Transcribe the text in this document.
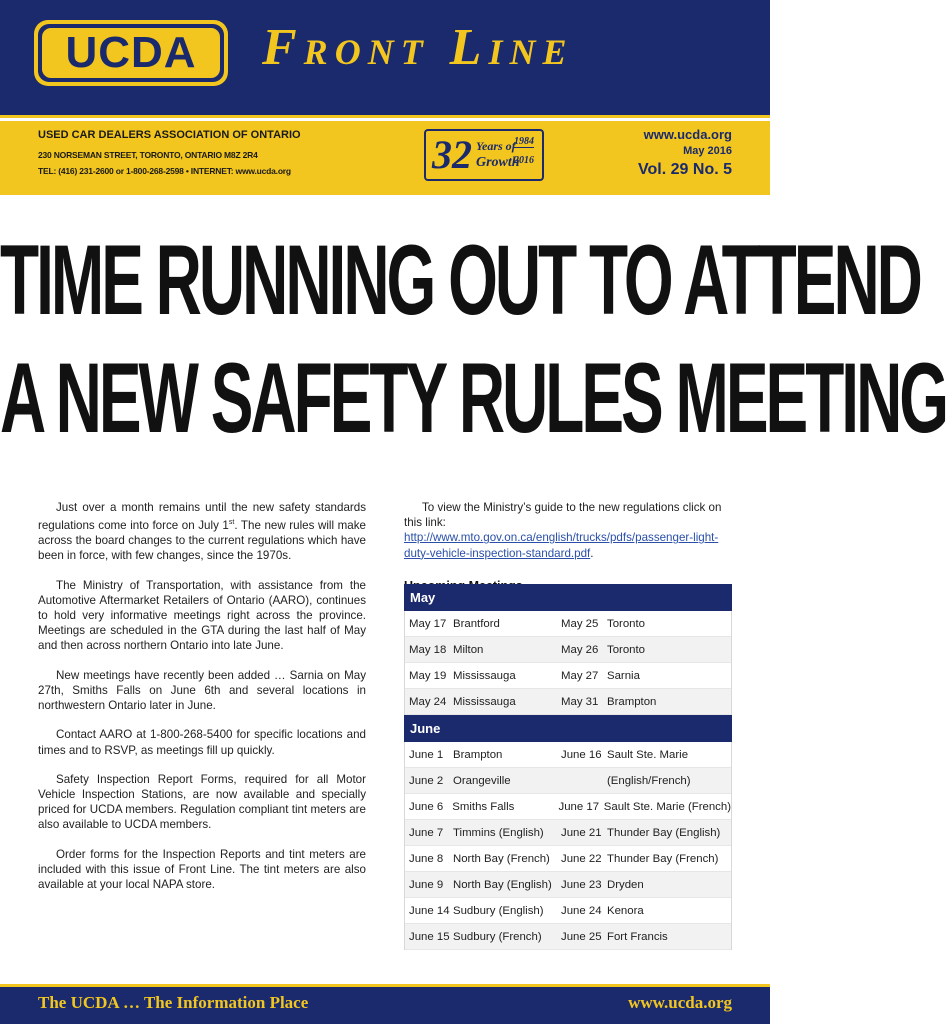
UCDA Front Line
USED CAR DEALERS ASSOCIATION OF ONTARIO
230 NORSEMAN STREET, TORONTO, ONTARIO M8Z 2R4
TEL: (416) 231-2600 or 1-800-268-2598 • INTERNET: www.ucda.org	32 Years of
Growth
1984
2016
www.ucda.org
May 2016
Vol. 29 No. 5
TIME RUNNING OUT TO ATTEND
A NEW SAFETY RULES MEETING

Just over a month remains until the new safety standards regulations come into force on July 1st. The new rules will make across the board changes to the current regulations which have been in force, with few changes, since the 1970s.

The Ministry of Transportation, with assistance from the Automotive Aftermarket Retailers of Ontario (AARO), continues to hold very informative meetings right across the province. Meetings are scheduled in the GTA during the last half of May and then across northern Ontario into late June.

New meetings have recently been added … Sarnia on May 27th, Smiths Falls on June 6th and several locations in northwestern Ontario later in June.

Contact AARO at 1-800-268-5400 for specific locations and times and to RSVP, as meetings fill up quickly.

Safety Inspection Report Forms, required for all Motor Vehicle Inspection Stations, are now available and specially priced for UCDA members. Regulation compliant tint meters are also available to UCDA members.

Order forms for the Inspection Reports and tint meters are included with this issue of Front Line. The tint meters are also available at your local NAPA store.

To view the Ministry’s guide to the new regulations click on this link: http://www.mto.gov.on.ca/english/trucks/pdfs/passenger-light-duty-vehicle-inspection-standard.pdf.

May
May 17 Brantford	May 25 Toronto
May 18 Milton	May 26 Toronto
May 19 Mississauga	May 27 Sarnia
May 24 Mississauga	May 31 Brampton
June
June 1 Brampton	June 16 Sault Ste. Marie
June 2 Orangeville	(English/French)
June 6 Smiths Falls	June 17 Sault Ste. Marie (French)
June 7 Timmins (English)	June 21 Thunder Bay (English)
June 8 North Bay (French) June 22 Thunder Bay (French)
June 9 North Bay (English) June 23 Dryden
June 14 Sudbury (English)	June 24 Kenora
June 15 Sudbury (French)	June 25 Fort Francis
The UCDA … The Information Place	www.ucda.org
